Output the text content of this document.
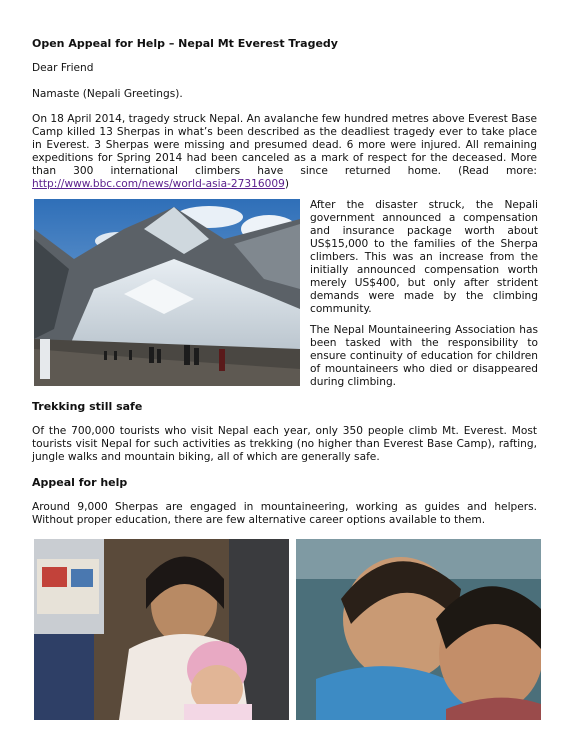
Open Appeal for Help – Nepal Mt Everest Tragedy
Dear Friend
Namaste (Nepali Greetings).
On 18 April 2014, tragedy struck Nepal. An avalanche few hundred metres above Everest Base Camp killed 13 Sherpas in what’s been described as the deadliest tragedy ever to take place in Everest. 3 Sherpas were missing and presumed dead. 6 more were injured. All remaining expeditions for Spring 2014 had been canceled as a mark of respect for the deceased. More than 300 international climbers have since returned home. (Read more: http://www.bbc.com/news/world-asia-27316009)
After the disaster struck, the Nepali government announced a compensation and insurance package worth about US$15,000 to the families of the Sherpa climbers. This was an increase from the initially announced compensation worth merely US$400, but only after strident demands were made by the climbing community.
The Nepal Mountaineering Association has been tasked with the responsibility to ensure continuity of education for children of mountaineers who died or disappeared during climbing.
Trekking still safe
Of the 700,000 tourists who visit Nepal each year, only 350 people climb Mt. Everest. Most tourists visit Nepal for such activities as trekking (no higher than Everest Base Camp), rafting, jungle walks and mountain biking, all of which are generally safe.
Appeal for help
Around 9,000 Sherpas are engaged in mountaineering, working as guides and helpers. Without proper education, there are few alternative career options available to them.
